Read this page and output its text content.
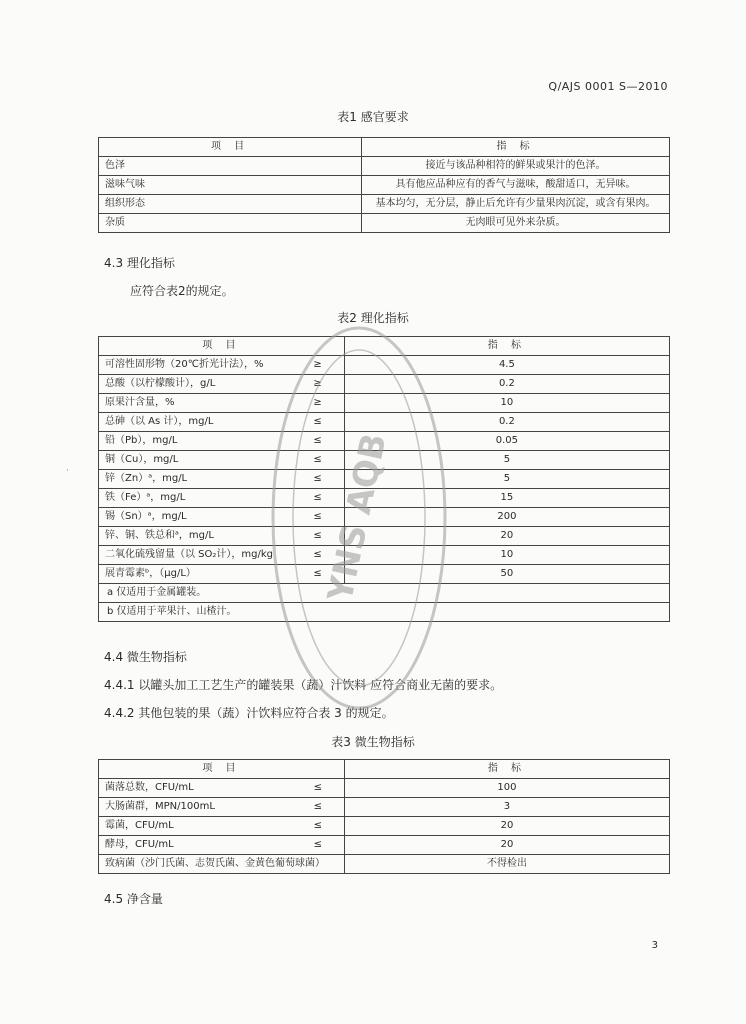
Q/AJS 0001 S—2010
表1 感官要求
项 目	指 标
色泽	接近与该品种相符的鲜果或果汁的色泽。
滋味气味	具有他应品种应有的香气与滋味，酸甜适口，无异味。
组织形态	基本均匀，无分层，静止后允许有少量果肉沉淀，或含有果肉。
杂质	无肉眼可见外来杂质。
4.3 理化指标
应符合表2的规定。
表2 理化指标
项 目	指 标
可溶性固形物（20℃折光计法），% ≥	4.5
总酸（以柠檬酸计），g/L ≥	0.2
原果汁含量，% ≥	10
总砷（以 As 计），mg/L ≤	0.2
铅（Pb），mg/L ≤	0.05
铜（Cu），mg/L ≤	5
锌（Zn）ᵃ，mg/L ≤	5
铁（Fe）ᵃ，mg/L ≤	15
锡（Sn）ᵃ，mg/L ≤	200
锌、铜、铁总和ᵃ，mg/L ≤	20
二氧化硫残留量（以 SO₂计），mg/kg ≤	10
展青霉素ᵇ，（μg/L） ≤	50
a 仅适用于金属罐装。	
b 仅适用于苹果汁、山楂汁。	
4.4 微生物指标
4.4.1 以罐头加工工艺生产的罐装果（蔬）汁饮料 应符合商业无菌的要求。
4.4.2 其他包装的果（蔬）汁饮料应符合表 3 的规定。
表3 微生物指标
项 目	指 标
菌落总数，CFU/mL ≤	100
大肠菌群，MPN/100mL ≤	3
霉菌，CFU/mL ≤	20
酵母，CFU/mL ≤	20
致病菌（沙门氏菌、志贺氏菌、金黄色葡萄球菌）	不得检出
4.5 净含量
3
·	YNS AQB
